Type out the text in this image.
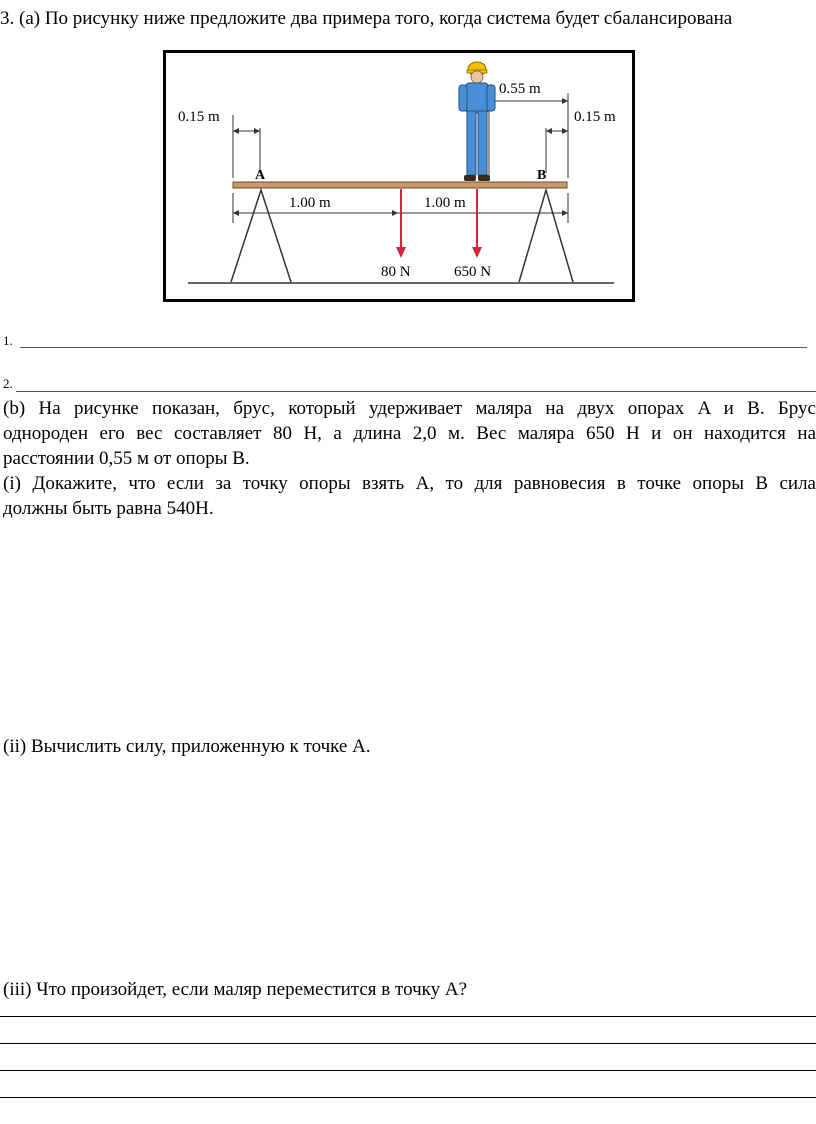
3. (a) По рисунку ниже предложите два примера того, когда система будет сбалансирована
0.15 m	0.15 m
0.55 m
A	B
1.00 m	1.00 m
80 N	650 N
1.
2.
(b) На рисунке показан, брус, который удерживает маляра на двух опорах A и B. Брус
однороден его вес составляет 80 Н, а длина 2,0 м. Вес маляра 650 Н и он находится на
расстоянии 0,55 м от опоры B.
(i) Докажите, что если за точку опоры взять A, то для равновесия в точке опоры B сила
должны быть равна 540Н.
(ii) Вычислить силу, приложенную к точке A.
(iii) Что произойдет, если маляр переместится в точку A?
